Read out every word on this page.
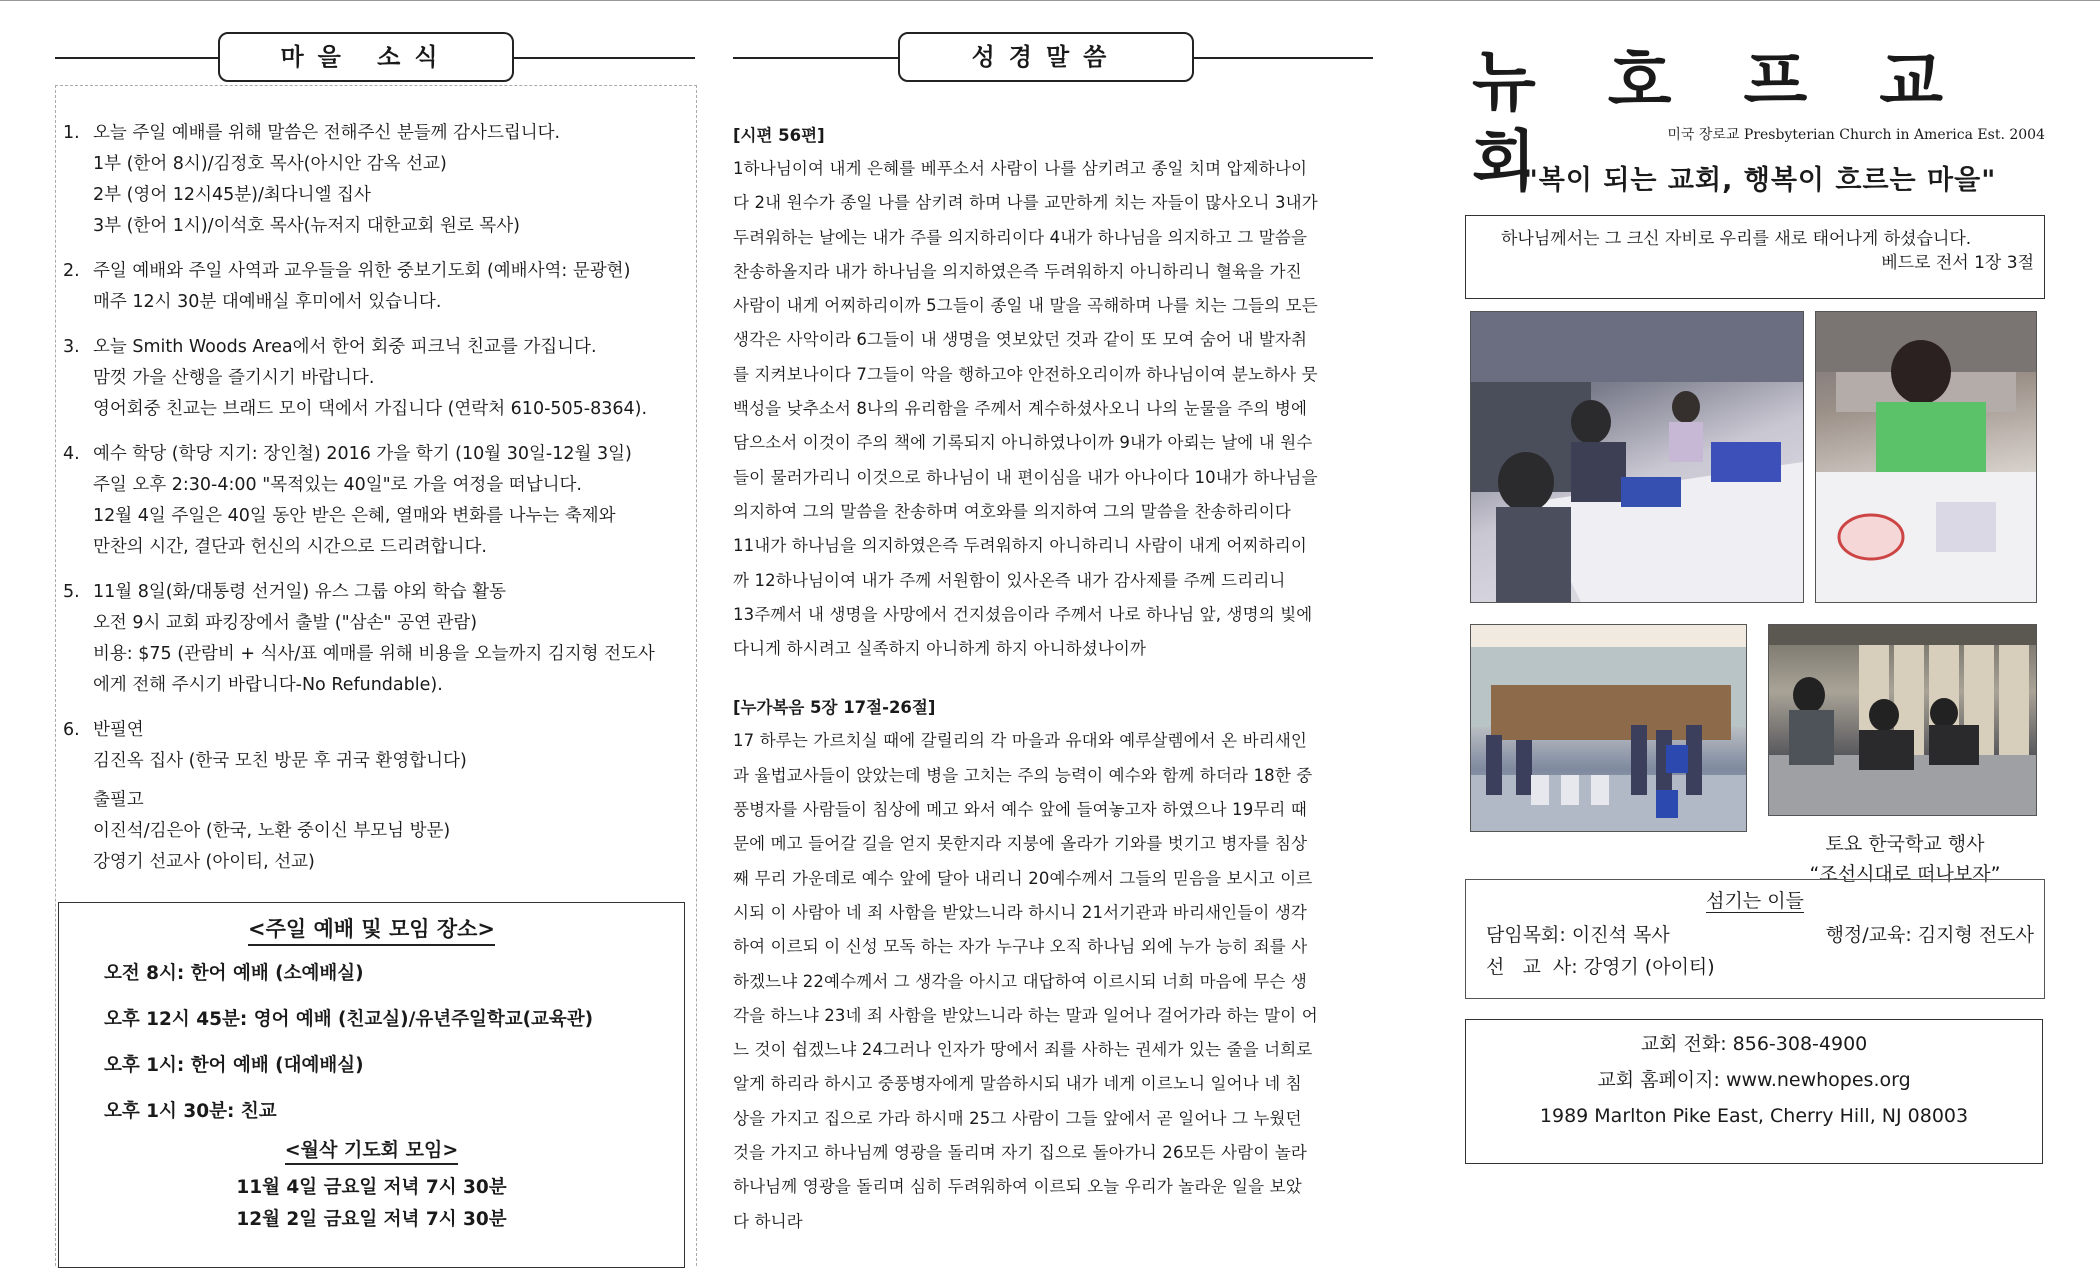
마을 소식
1. 오늘 주일 예배를 위해 말씀은 전해주신 분들께 감사드립니다.
1부 (한어 8시)/김정호 목사(아시안 감옥 선교)
2부 (영어 12시45분)/최다니엘 집사
3부 (한어 1시)/이석호 목사(뉴저지 대한교회 원로 목사)
2. 주일 예배와 주일 사역과 교우들을 위한 중보기도회 (예배사역: 문광현)
매주 12시 30분 대예배실 후미에서 있습니다.
3. 오늘 Smith Woods Area에서 한어 회중 피크닉 친교를 가집니다.
맘껏 가을 산행을 즐기시기 바랍니다.
영어회중 친교는 브래드 모이 댁에서 가집니다 (연락처 610-505-8364).
4. 예수 학당 (학당 지기: 장인철) 2016 가을 학기 (10월 30일-12월 3일)
주일 오후 2:30-4:00 "목적있는 40일"로 가을 여정을 떠납니다.
12월 4일 주일은 40일 동안 받은 은혜, 열매와 변화를 나누는 축제와
만찬의 시간, 결단과 헌신의 시간으로 드리려합니다.
5. 11월 8일(화/대통령 선거일) 유스 그룹 야외 학습 활동
오전 9시 교회 파킹장에서 출발 ("삼손" 공연 관람)
비용: $75 (관람비 + 식사/표 예매를 위해 비용을 오늘까지 김지형 전도사
에게 전해 주시기 바랍니다-No Refundable).
6. 반필연
김진옥 집사 (한국 모친 방문 후 귀국 환영합니다)
출필고
이진석/김은아 (한국, 노환 중이신 부모님 방문)
강영기 선교사 (아이티, 선교)
<주일 예배 및 모임 장소>
오전 8시: 한어 예배 (소예배실)
오후 12시 45분: 영어 예배 (친교실)/유년주일학교(교육관)
오후 1시: 한어 예배 (대예배실)
오후 1시 30분: 친교
<월삭 기도회 모임>
11월 4일 금요일 저녁 7시 30분
12월 2일 금요일 저녁 7시 30분
성경말씀
[시편 56편]
1하나님이여 내게 은혜를 베푸소서 사람이 나를 삼키려고 종일 치며 압제하나이
다 2내 원수가 종일 나를 삼키려 하며 나를 교만하게 치는 자들이 많사오니 3내가
두려워하는 날에는 내가 주를 의지하리이다 4내가 하나님을 의지하고 그 말씀을
찬송하올지라 내가 하나님을 의지하였은즉 두려워하지 아니하리니 혈육을 가진
사람이 내게 어찌하리이까 5그들이 종일 내 말을 곡해하며 나를 치는 그들의 모든
생각은 사악이라 6그들이 내 생명을 엿보았던 것과 같이 또 모여 숨어 내 발자취
를 지켜보나이다 7그들이 악을 행하고야 안전하오리이까 하나님이여 분노하사 뭇
백성을 낮추소서 8나의 유리함을 주께서 계수하셨사오니 나의 눈물을 주의 병에
담으소서 이것이 주의 책에 기록되지 아니하였나이까 9내가 아뢰는 날에 내 원수
들이 물러가리니 이것으로 하나님이 내 편이심을 내가 아나이다 10내가 하나님을
의지하여 그의 말씀을 찬송하며 여호와를 의지하여 그의 말씀을 찬송하리이다
11내가 하나님을 의지하였은즉 두려워하지 아니하리니 사람이 내게 어찌하리이
까 12하나님이여 내가 주께 서원함이 있사온즉 내가 감사제를 주께 드리리니
13주께서 내 생명을 사망에서 건지셨음이라 주께서 나로 하나님 앞, 생명의 빛에
다니게 하시려고 실족하지 아니하게 하지 아니하셨나이까
[누가복음 5장 17절-26절]
17 하루는 가르치실 때에 갈릴리의 각 마을과 유대와 예루살렘에서 온 바리새인
과 율법교사들이 앉았는데 병을 고치는 주의 능력이 예수와 함께 하더라 18한 중
풍병자를 사람들이 침상에 메고 와서 예수 앞에 들여놓고자 하였으나 19무리 때
문에 메고 들어갈 길을 얻지 못한지라 지붕에 올라가 기와를 벗기고 병자를 침상
째 무리 가운데로 예수 앞에 달아 내리니 20예수께서 그들의 믿음을 보시고 이르
시되 이 사람아 네 죄 사함을 받았느니라 하시니 21서기관과 바리새인들이 생각
하여 이르되 이 신성 모독 하는 자가 누구냐 오직 하나님 외에 누가 능히 죄를 사
하겠느냐 22예수께서 그 생각을 아시고 대답하여 이르시되 너희 마음에 무슨 생
각을 하느냐 23네 죄 사함을 받았느니라 하는 말과 일어나 걸어가라 하는 말이 어
느 것이 쉽겠느냐 24그러나 인자가 땅에서 죄를 사하는 권세가 있는 줄을 너희로
알게 하리라 하시고 중풍병자에게 말씀하시되 내가 네게 이르노니 일어나 네 침
상을 가지고 집으로 가라 하시매 25그 사람이 그들 앞에서 곧 일어나 그 누웠던
것을 가지고 하나님께 영광을 돌리며 자기 집으로 돌아가니 26모든 사람이 놀라
하나님께 영광을 돌리며 심히 두려워하여 이르되 오늘 우리가 놀라운 일을 보았
다 하니라
뉴호프교회	미국 장로교 Presbyterian Church in America Est. 2004
"복이 되는 교회, 행복이 흐르는 마을"
하나님께서는 그 크신 자비로 우리를 새로 태어나게 하셨습니다.
베드로 전서 1장 3절
토요 한국학교 행사
“조선시대로 떠나보자”
섬기는 이들
담임목회: 이진석 목사	행정/교육: 김지형 전도사
선   교  사: 강영기 (아이티)
교회 전화: 856-308-4900
교회 홈페이지: www.newhopes.org
1989 Marlton Pike East, Cherry Hill, NJ 08003
